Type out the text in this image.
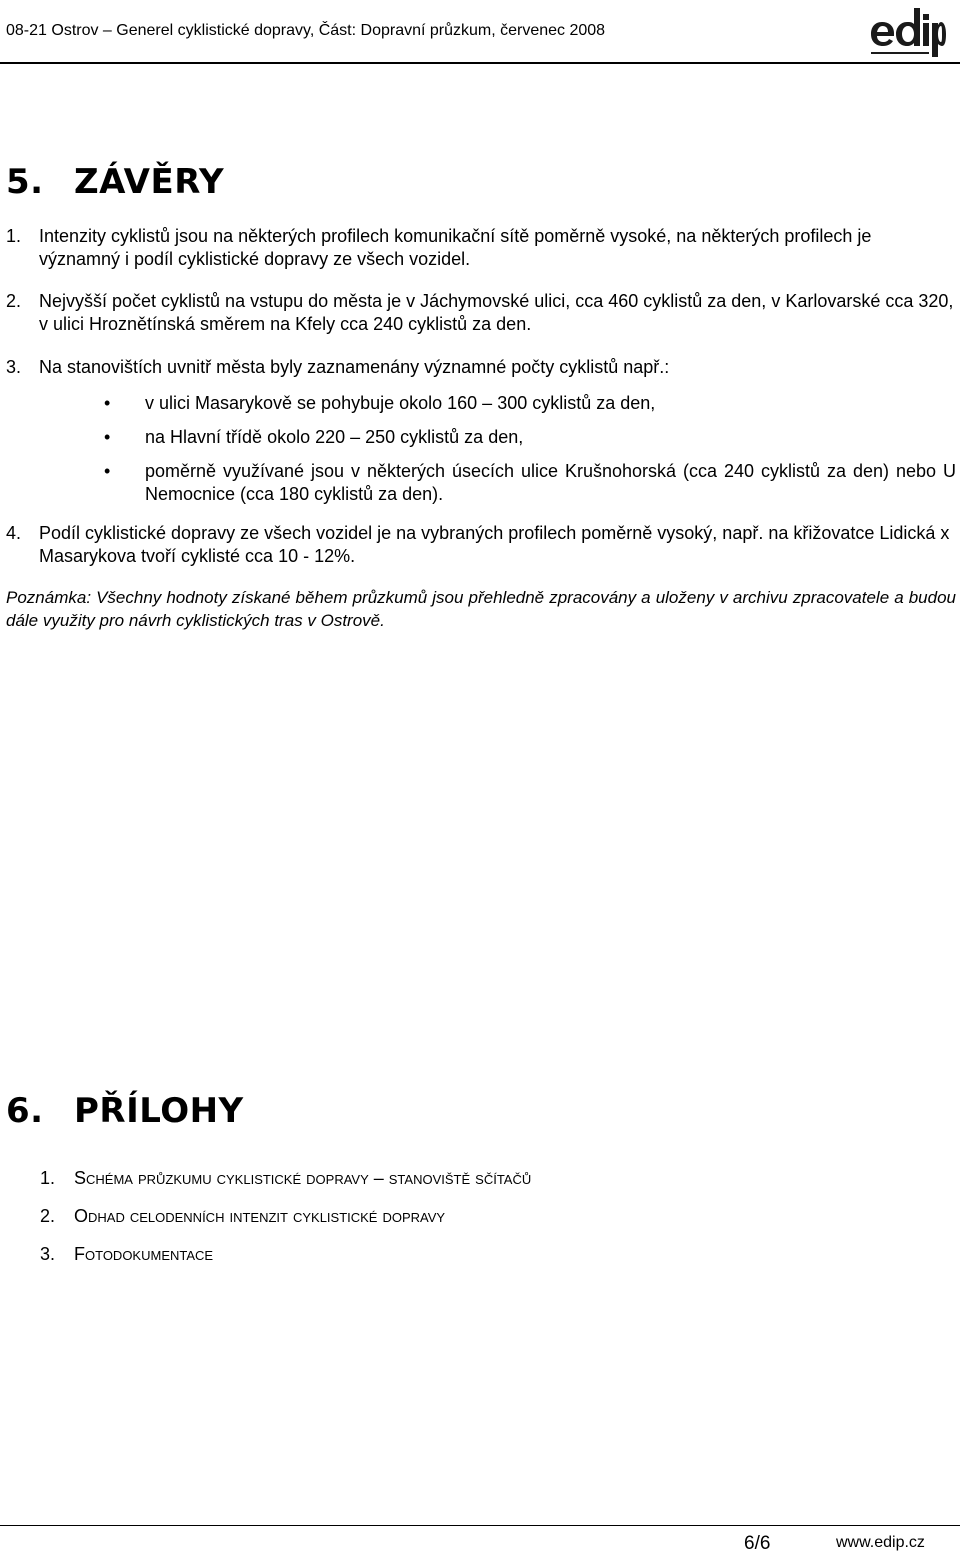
08-21 Ostrov – Generel cyklistické dopravy, Část: Dopravní průzkum, červenec 2008
5. ZÁVĚRY
1. Intenzity cyklistů jsou na některých profilech komunikační sítě poměrně vysoké, na některých profilech je významný i podíl cyklistické dopravy ze všech vozidel.
2. Nejvyšší počet cyklistů na vstupu do města je v Jáchymovské ulici, cca 460 cyklistů za den, v Karlovarské cca 320, v ulici Hroznětínská směrem na Kfely cca 240 cyklistů za den.
3. Na stanovištích uvnitř města byly zaznamenány významné počty cyklistů např.:
• v ulici Masarykově se pohybuje okolo 160 – 300 cyklistů za den,
• na Hlavní třídě okolo 220 – 250 cyklistů za den,
• poměrně využívané jsou v některých úsecích ulice Krušnohorská (cca 240 cyklistů za den) nebo U Nemocnice (cca 180 cyklistů za den).
4. Podíl cyklistické dopravy ze všech vozidel je na vybraných profilech poměrně vysoký, např. na křižovatce Lidická x Masarykova tvoří cyklisté cca 10 - 12%.
Poznámka: Všechny hodnoty získané během průzkumů jsou přehledně zpracovány a uloženy v archivu zpracovatele a budou dále využity pro návrh cyklistických tras v Ostrově.
6. PŘÍLOHY
1. Schéma průzkumu cyklistické dopravy – stanoviště sčítačů
2. Odhad celodenních intenzit cyklistické dopravy
3. Fotodokumentace
6/6	www.edip.cz
